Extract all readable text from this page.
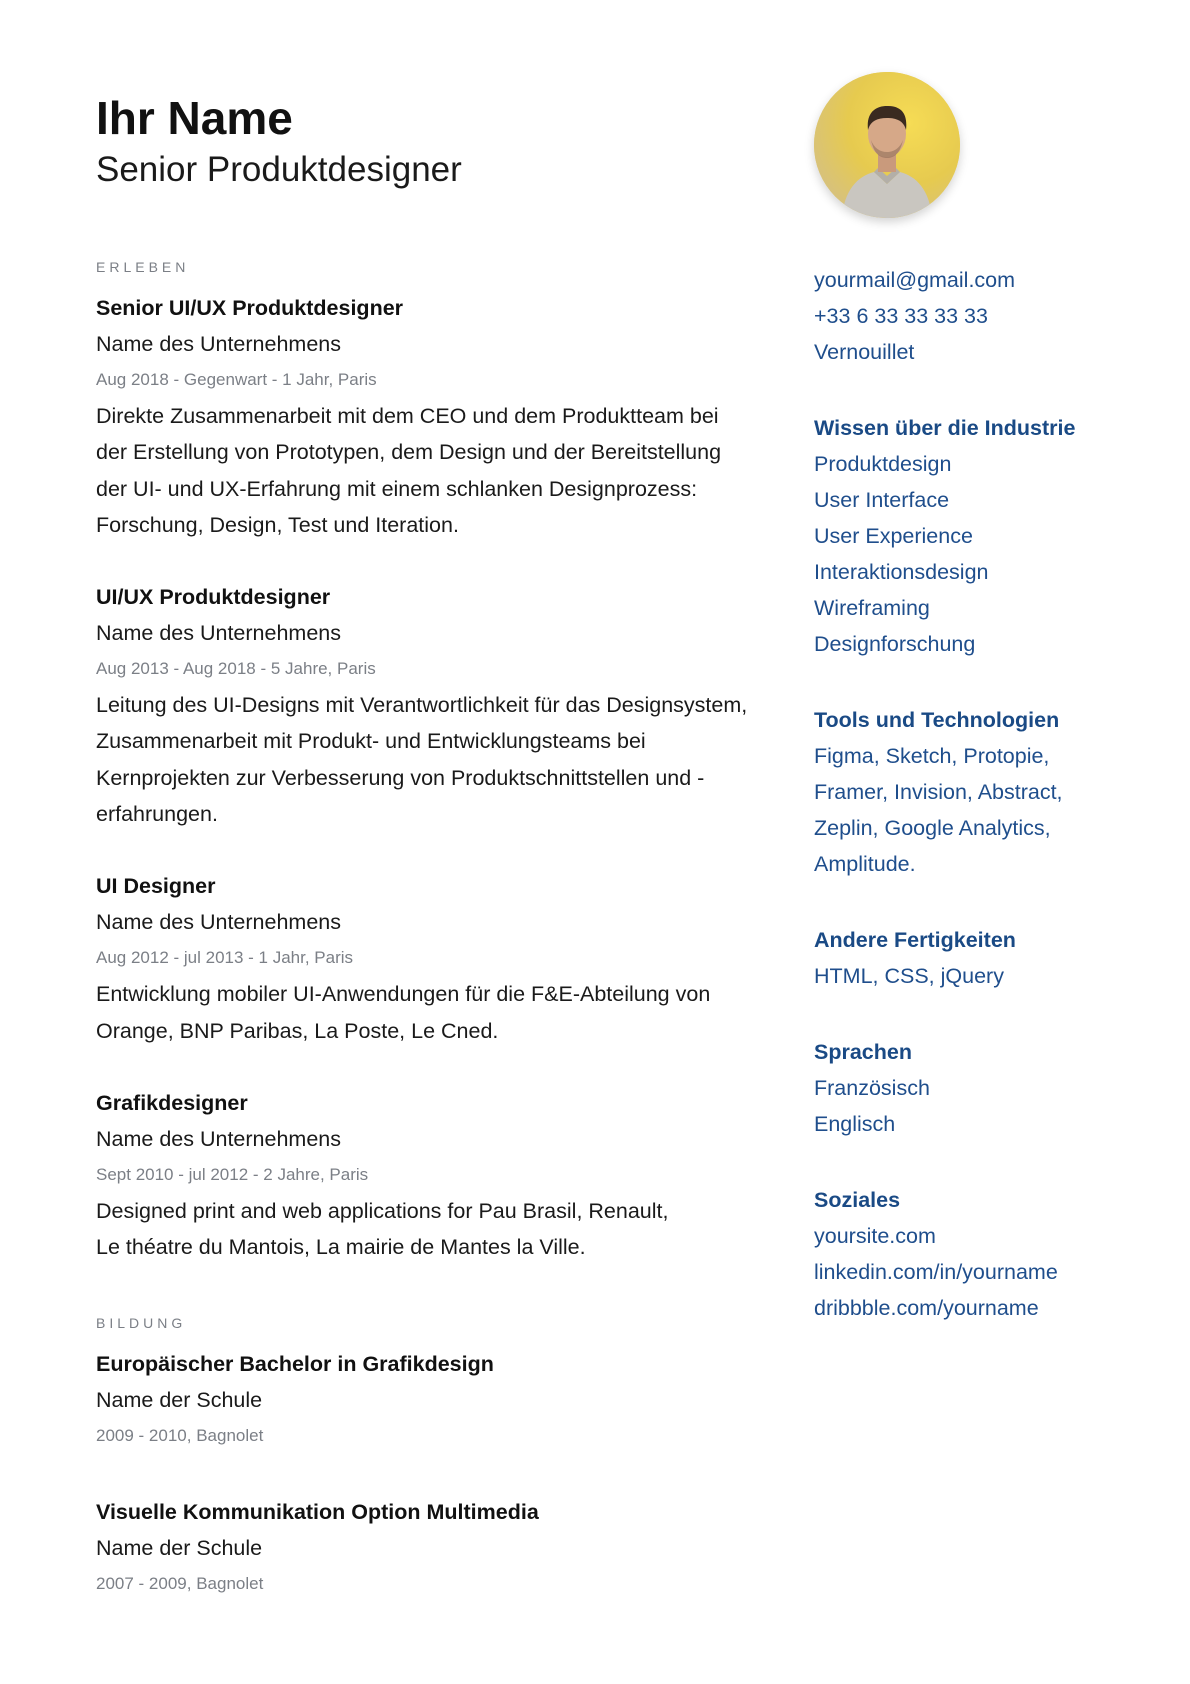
Ihr Name
Senior Produktdesigner
ERLEBEN
Senior UI/UX Produktdesigner
Name des Unternehmens
Aug 2018 - Gegenwart - 1 Jahr, Paris
Direkte Zusammenarbeit mit dem CEO und dem Produktteam bei
der Erstellung von Prototypen, dem Design und der Bereitstellung
der UI- und UX-Erfahrung mit einem schlanken Designprozess:
Forschung, Design, Test und Iteration.
UI/UX Produktdesigner
Name des Unternehmens
Aug 2013 - Aug 2018 - 5 Jahre, Paris
Leitung des UI-Designs mit Verantwortlichkeit für das Designsystem,
Zusammenarbeit mit Produkt- und Entwicklungsteams bei
Kernprojekten zur Verbesserung von Produktschnittstellen und -
erfahrungen.
UI Designer
Name des Unternehmens
Aug 2012 - jul 2013 - 1 Jahr, Paris
Entwicklung mobiler UI-Anwendungen für die F&E-Abteilung von
Orange, BNP Paribas, La Poste, Le Cned.
Grafikdesigner
Name des Unternehmens
Sept 2010 - jul 2012 - 2 Jahre, Paris
Designed print and web applications for Pau Brasil, Renault,
Le théatre du Mantois, La mairie de Mantes la Ville.
BILDUNG
Europäischer Bachelor in Grafikdesign
Name der Schule
2009 - 2010, Bagnolet
Visuelle Kommunikation Option Multimedia
Name der Schule
2007 - 2009, Bagnolet
yourmail@gmail.com
+33 6 33 33 33 33
Vernouillet
Wissen über die Industrie
Produktdesign
User Interface
User Experience
Interaktionsdesign
Wireframing
Designforschung
Tools und Technologien
Figma, Sketch, Protopie,
Framer, Invision, Abstract,
Zeplin, Google Analytics,
Amplitude.
Andere Fertigkeiten
HTML, CSS, jQuery
Sprachen
Französisch
Englisch
Soziales
yoursite.com
linkedin.com/in/yourname
dribbble.com/yourname
